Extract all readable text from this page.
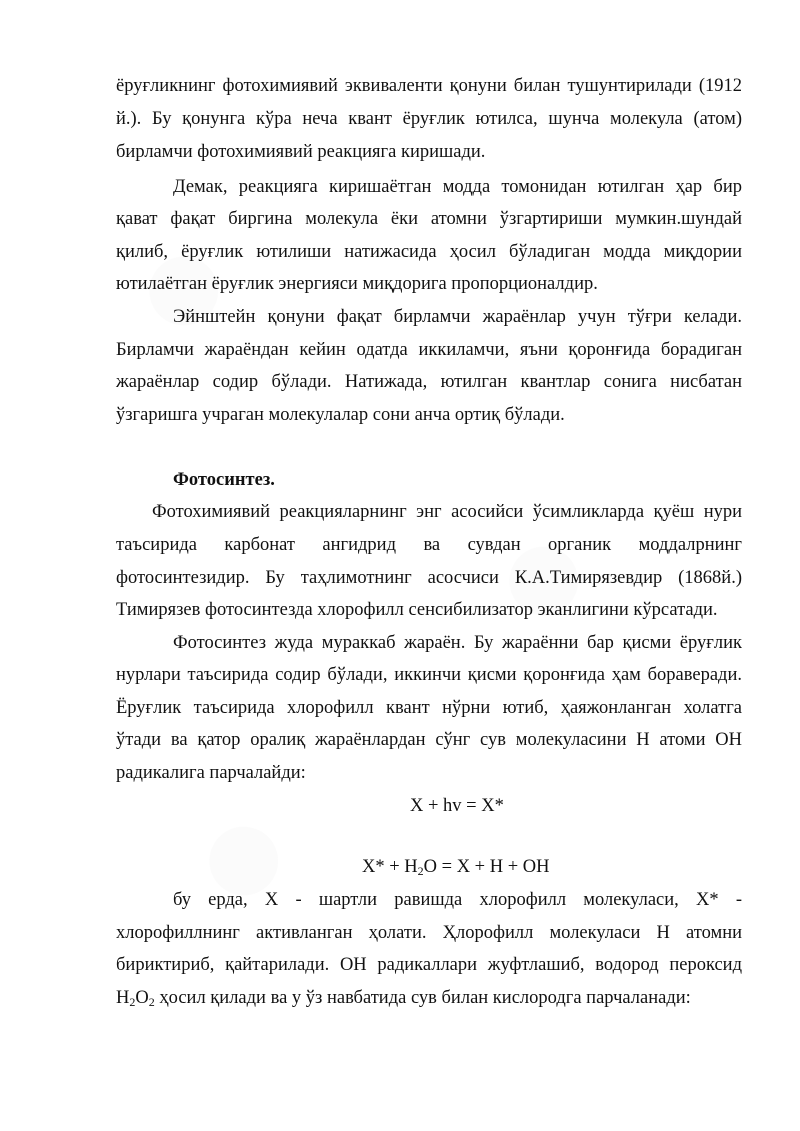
●
●
●
ёруғликнинг фотохимиявий эквиваленти қонуни билан тушунтирилади (1912
й.). Бу қонунга кўра неча квант ёруғлик ютилса, шунча молекула (атом)
бирламчи фотохимиявий реакцияга киришади.
Демак, реакцияга киришаётган модда томонидан ютилган ҳар бир
қават фақат биргина молекула ёки атомни ўзгартириши мумкин.шундай
қилиб, ёруғлик ютилиши натижасида ҳосил бўладиган модда миқдории
ютилаётган ёруғлик энергияси миқдорига пропорционалдир.
Эйнштейн қонуни фақат бирламчи жараёнлар учун тўғри келади.
Бирламчи жараёндан кейин одатда иккиламчи, яъни қоронғида борадиган
жараёнлар содир бўлади. Натижада, ютилган квантлар сонига нисбатан
ўзгаришга учраган молекулалар сони анча ортиқ бўлади.
Фотосинтез.
Фотохимиявий реакцияларнинг энг асосийси ўсимликларда қуёш нури
таъсирида карбонат ангидрид ва сувдан органик моддалрнинг
фотосинтезидир. Бу таҳлимотнинг асосчиси К.А.Тимирязевдир (1868й.)
Тимирязев фотосинтезда хлорофилл сенсибилизатор эканлигини кўрсатади.
Фотосинтез жуда мураккаб жараён. Бу жараённи бар қисми ёруғлик
нурлари таъсирида содир бўлади, иккинчи қисми қоронғида ҳам бораверади.
Ёруғлик таъсирида хлорофилл квант нўрни ютиб, ҳаяжонланган холатга
ўтади ва қатор оралиқ жараёнлардан сўнг сув молекуласини Н атоми ОН
радикалига парчалайди:
X + hv = X*
$X* + H_2O = X + H$ + OH
бу ерда, Х - шартли равишда хлорофилл молекуласи, Х* -
хлорофиллнинг активланган ҳолати. Ҳлорофилл молекуласи Н атомни
бириктириб, қайтарилади. ОН радикаллари жуфтлашиб, водород пероксид
$Н_2О_2$ ҳосил қилади ва у ўз навбатида сув билан кислородга парчаланади:
